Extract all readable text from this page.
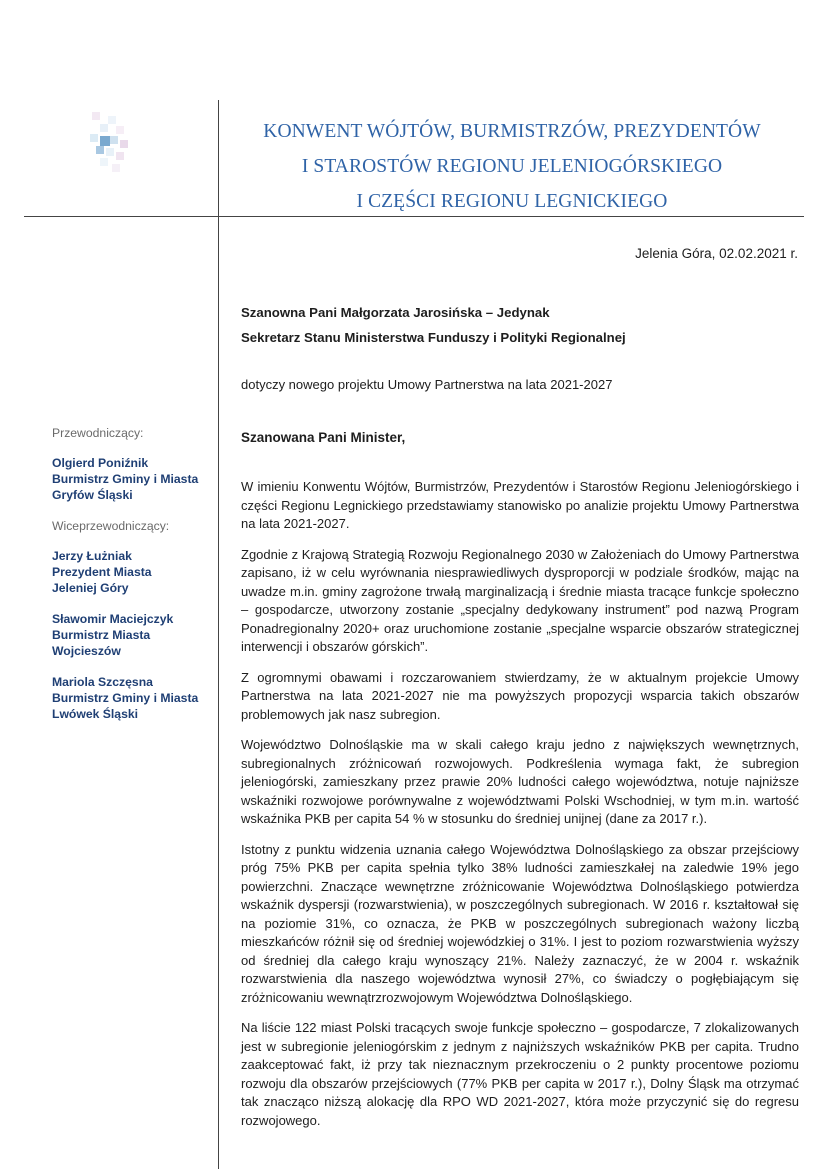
KONWENT WÓJTÓW, BURMISTRZÓW, PREZYDENTÓW
I STAROSTÓW REGIONU JELENIOGÓRSKIEGO
I CZĘŚCI REGIONU LEGNICKIEGO
Przewodniczący:
Olgierd Poniźnik
Burmistrz Gminy i Miasta
Gryfów Śląski
Wiceprzewodniczący:
Jerzy Łużniak
Prezydent Miasta
Jeleniej Góry
Sławomir Maciejczyk
Burmistrz Miasta
Wojcieszów
Mariola Szczęsna
Burmistrz Gminy i Miasta
Lwówek Śląski
Jelenia Góra, 02.02.2021 r.
Szanowna Pani Małgorzata Jarosińska – Jedynak
Sekretarz Stanu Ministerstwa Funduszy i Polityki Regionalnej
dotyczy nowego projektu Umowy Partnerstwa na lata 2021-2027
Szanowana Pani Minister,

W imieniu Konwentu Wójtów, Burmistrzów, Prezydentów i Starostów Regionu Jeleniogórskiego i części Regionu Legnickiego przedstawiamy stanowisko po analizie projektu Umowy Partnerstwa na lata 2021-2027.

Zgodnie z Krajową Strategią Rozwoju Regionalnego 2030 w Założeniach do Umowy Partnerstwa zapisano, iż w celu wyrównania niesprawiedliwych dysproporcji w podziale środków, mając na uwadze m.in. gminy zagrożone trwałą marginalizacją i średnie miasta tracące funkcje społeczno – gospodarcze, utworzony zostanie „specjalny dedykowany instrument” pod nazwą Program Ponadregionalny 2020+ oraz uruchomione zostanie „specjalne wsparcie obszarów strategicznej interwencji i obszarów górskich”.

Z ogromnymi obawami i rozczarowaniem stwierdzamy, że w aktualnym projekcie Umowy Partnerstwa na lata 2021-2027 nie ma powyższych propozycji wsparcia takich obszarów problemowych jak nasz subregion.

Województwo Dolnośląskie ma w skali całego kraju jedno z największych wewnętrznych, subregionalnych zróżnicowań rozwojowych. Podkreślenia wymaga fakt, że subregion jeleniogórski, zamieszkany przez prawie 20% ludności całego województwa, notuje najniższe wskaźniki rozwojowe porównywalne z województwami Polski Wschodniej, w tym m.in. wartość wskaźnika PKB per capita 54 % w stosunku do średniej unijnej (dane za 2017 r.).

Istotny z punktu widzenia uznania całego Województwa Dolnośląskiego za obszar przejściowy próg 75% PKB per capita spełnia tylko 38% ludności zamieszkałej na zaledwie 19% jego powierzchni. Znaczące wewnętrzne zróżnicowanie Województwa Dolnośląskiego potwierdza wskaźnik dyspersji (rozwarstwienia), w poszczególnych subregionach. W 2016 r. kształtował się na poziomie 31%, co oznacza, że PKB w poszczególnych subregionach ważony liczbą mieszkańców różnił się od średniej wojewódzkiej o 31%. I jest to poziom rozwarstwienia wyższy od średniej dla całego kraju wynoszący 21%. Należy zaznaczyć, że w 2004 r. wskaźnik rozwarstwienia dla naszego województwa wynosił 27%, co świadczy o pogłębiającym się zróżnicowaniu wewnątrzrozwojowym Województwa Dolnośląskiego.

Na liście 122 miast Polski tracących swoje funkcje społeczno – gospodarcze, 7 zlokalizowanych jest w subregionie jeleniogórskim z jednym z najniższych wskaźników PKB per capita. Trudno zaakceptować fakt, iż przy tak nieznacznym przekroczeniu o 2 punkty procentowe poziomu rozwoju dla obszarów przejściowych (77% PKB per capita w 2017 r.), Dolny Śląsk ma otrzymać tak znacząco niższą alokację dla RPO WD 2021-2027, która może przyczynić się do regresu rozwojowego.
